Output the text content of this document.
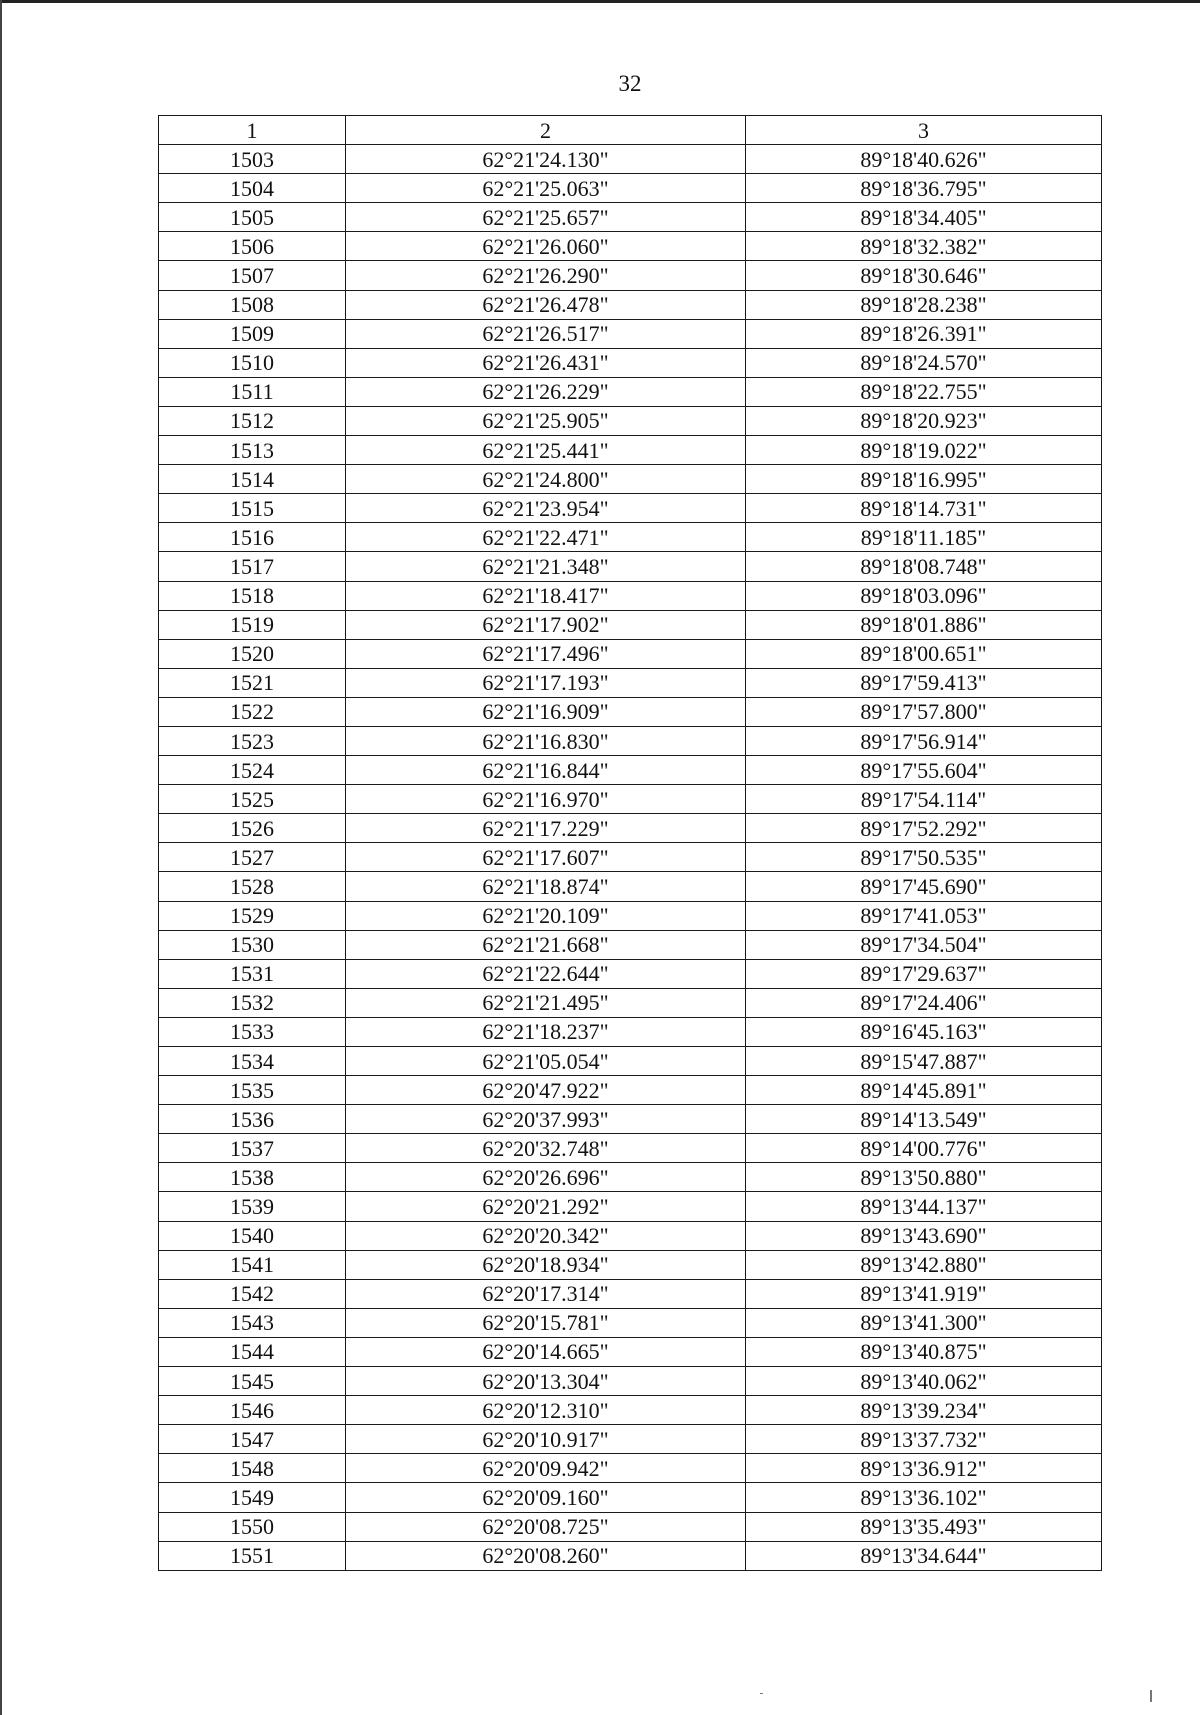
32
1	2	3
1503	62°21'24.130"	89°18'40.626"
1504	62°21'25.063"	89°18'36.795"
1505	62°21'25.657"	89°18'34.405"
1506	62°21'26.060"	89°18'32.382"
1507	62°21'26.290"	89°18'30.646"
1508	62°21'26.478"	89°18'28.238"
1509	62°21'26.517"	89°18'26.391"
1510	62°21'26.431"	89°18'24.570"
1511	62°21'26.229"	89°18'22.755"
1512	62°21'25.905"	89°18'20.923"
1513	62°21'25.441"	89°18'19.022"
1514	62°21'24.800"	89°18'16.995"
1515	62°21'23.954"	89°18'14.731"
1516	62°21'22.471"	89°18'11.185"
1517	62°21'21.348"	89°18'08.748"
1518	62°21'18.417"	89°18'03.096"
1519	62°21'17.902"	89°18'01.886"
1520	62°21'17.496"	89°18'00.651"
1521	62°21'17.193"	89°17'59.413"
1522	62°21'16.909"	89°17'57.800"
1523	62°21'16.830"	89°17'56.914"
1524	62°21'16.844"	89°17'55.604"
1525	62°21'16.970"	89°17'54.114"
1526	62°21'17.229"	89°17'52.292"
1527	62°21'17.607"	89°17'50.535"
1528	62°21'18.874"	89°17'45.690"
1529	62°21'20.109"	89°17'41.053"
1530	62°21'21.668"	89°17'34.504"
1531	62°21'22.644"	89°17'29.637"
1532	62°21'21.495"	89°17'24.406"
1533	62°21'18.237"	89°16'45.163"
1534	62°21'05.054"	89°15'47.887"
1535	62°20'47.922"	89°14'45.891"
1536	62°20'37.993"	89°14'13.549"
1537	62°20'32.748"	89°14'00.776"
1538	62°20'26.696"	89°13'50.880"
1539	62°20'21.292"	89°13'44.137"
1540	62°20'20.342"	89°13'43.690"
1541	62°20'18.934"	89°13'42.880"
1542	62°20'17.314"	89°13'41.919"
1543	62°20'15.781"	89°13'41.300"
1544	62°20'14.665"	89°13'40.875"
1545	62°20'13.304"	89°13'40.062"
1546	62°20'12.310"	89°13'39.234"
1547	62°20'10.917"	89°13'37.732"
1548	62°20'09.942"	89°13'36.912"
1549	62°20'09.160"	89°13'36.102"
1550	62°20'08.725"	89°13'35.493"
1551	62°20'08.260"	89°13'34.644"
